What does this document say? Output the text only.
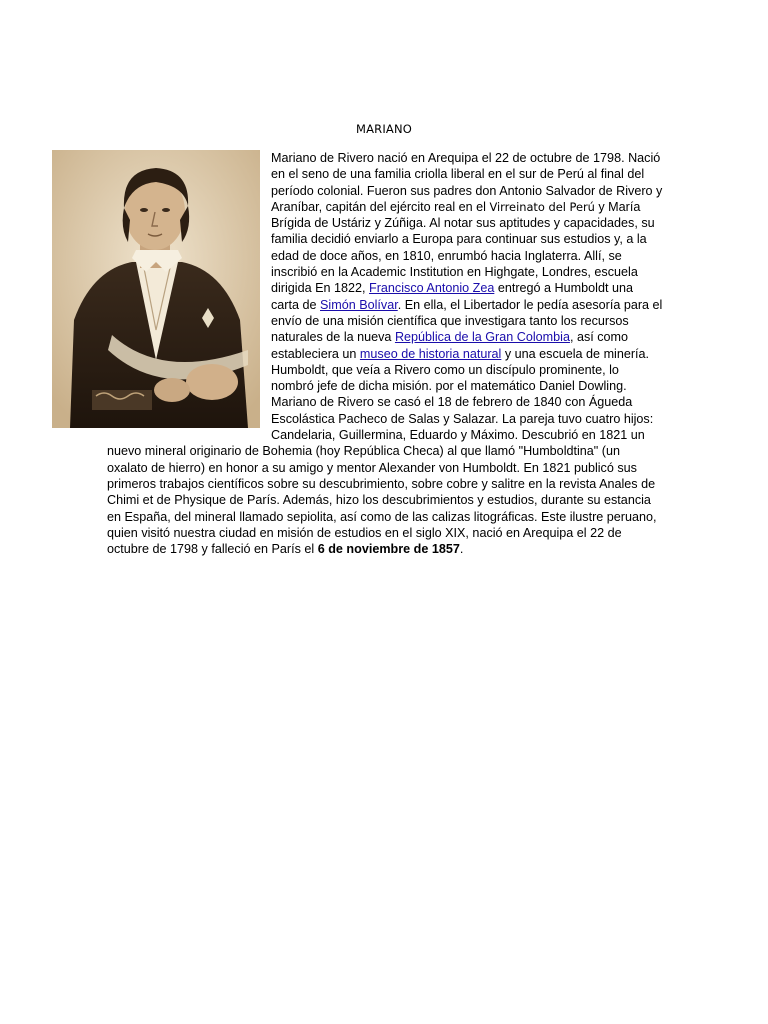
MARIANO

Mariano de Rivero nació en Arequipa el 22 de octubre de 1798. Nació en el seno de una familia criolla liberal en el sur de Perú al final del período colonial. Fueron sus padres don Antonio Salvador de Rivero y Araníbar, capitán del ejército real en el Virreinato del Perú y María Brígida de Ustáriz y Zúñiga. Al notar sus aptitudes y capacidades, su familia decidió enviarlo a Europa para continuar sus estudios y, a la edad de doce años, en 1810, enrumbó hacia Inglaterra. Allí, se inscribió en la Academic Institution en Highgate, Londres, escuela dirigida En 1822, Francisco Antonio Zea entregó a Humboldt una carta de Simón Bolívar. En ella, el Libertador le pedía asesoría para el envío de una misión científica que investigara tanto los recursos naturales de la nueva República de la Gran Colombia, así como estableciera un museo de historia natural y una escuela de minería. Humboldt, que veía a Rivero como un discípulo prominente, lo nombró jefe de dicha misión. por el matemático Daniel Dowling. Mariano de Rivero se casó el 18 de febrero de 1840 con Águeda Escolástica Pacheco de Salas y Salazar. La pareja tuvo cuatro hijos: Candelaria, Guillermina, Eduardo y Máximo. Descubrió en 1821 un nuevo mineral originario de Bohemia (hoy República Checa) al que llamó "Humboldtina" (un oxalato de hierro) en honor a su amigo y mentor Alexander von Humboldt. En 1821 publicó sus primeros trabajos científicos sobre su descubrimiento, sobre cobre y salitre en la revista Anales de Chimi et de Physique de París. Además, hizo los descubrimientos y estudios, durante su estancia en España, del mineral llamado sepiolita, así como de las calizas litográficas. Este ilustre peruano, quien visitó nuestra ciudad en misión de estudios en el siglo XIX, nació en Arequipa el 22 de octubre de 1798 y falleció en París el 6 de noviembre de 1857.
